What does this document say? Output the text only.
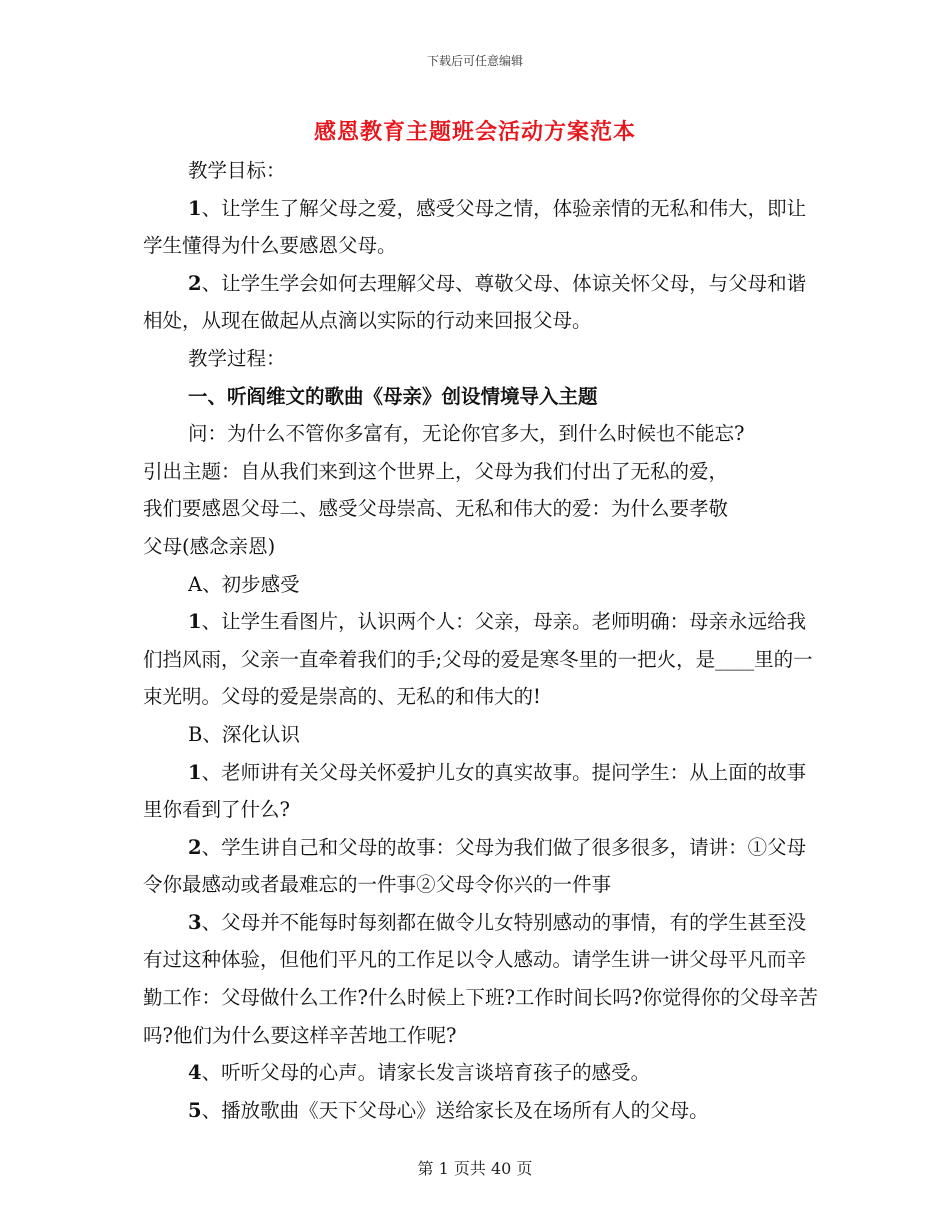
下载后可任意编辑
感恩教育主题班会活动方案范本

教学目标：

1、让学生了解父母之爱，感受父母之情，体验亲情的无私和伟大，即让学生懂得为什么要感恩父母。

2、让学生学会如何去理解父母、尊敬父母、体谅关怀父母，与父母和谐相处，从现在做起从点滴以实际的行动来回报父母。

教学过程：

一、听阎维文的歌曲《母亲》创设情境导入主题

问：为什么不管你多富有，无论你官多大，到什么时候也不能忘?

引出主题：自从我们来到这个世界上，父母为我们付出了无私的爱，

我们要感恩父母二、感受父母崇高、无私和伟大的爱：为什么要孝敬

父母(感念亲恩)

A、初步感受

1、让学生看图片，认识两个人：父亲，母亲。老师明确：母亲永远给我们挡风雨，父亲一直牵着我们的手;父母的爱是寒冬里的一把火，是____里的一束光明。父母的爱是崇高的、无私的和伟大的!

B、深化认识

1、老师讲有关父母关怀爱护儿女的真实故事。提问学生：从上面的故事里你看到了什么?

2、学生讲自己和父母的故事：父母为我们做了很多很多，请讲：①父母令你最感动或者最难忘的一件事②父母令你兴的一件事

3、父母并不能每时每刻都在做令儿女特别感动的事情，有的学生甚至没有过这种体验，但他们平凡的工作足以令人感动。请学生讲一讲父母平凡而辛勤工作：父母做什么工作?什么时候上下班?工作时间长吗?你觉得你的父母辛苦吗?他们为什么要这样辛苦地工作呢?

4、听听父母的心声。请家长发言谈培育孩子的感受。

5、播放歌曲《天下父母心》送给家长及在场所有人的父母。

第 1 页共 40 页
